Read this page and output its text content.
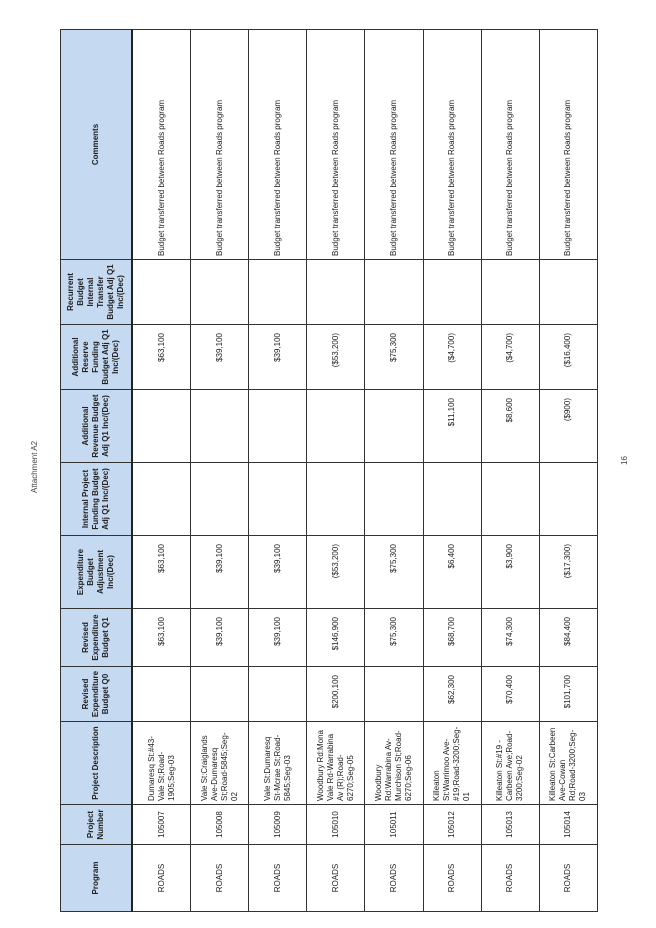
Attachment A2	16
Program	Project Number	Project Description	Revised Expenditure Budget Q0	Revised Expenditure Budget Q1	Expenditure Budget Adjustment Inc/(Dec)	Internal Project Funding Budget Adj Q1 Inc/(Dec)	Additional Revenue Budget Adj Q1 Inc/(Dec)	Additional Reserve Funding Budget Adj Q1 Inc/(Dec)	Recurrent Budget Internal Transfer Budget Adj Q1 Inc/(Dec)	Comments
ROADS	105007	Dumaresq St:#43-Vale St;Road-1905;Seg-03		$63,100	$63,100			$63,100		Budget transferred between Roads program
ROADS	105008	Vale St:Craiglands Ave-Dumaresq St;Road-5845;Seg-02		$39,100	$39,100			$39,100		Budget transferred between Roads program
ROADS	105009	Vale St:Dumaresq St-Mcrae St;Road-5845;Seg-03		$39,100	$39,100			$39,100		Budget transferred between Roads program
ROADS	105010	Woodbury Rd:Mona Vale Rd-Warrabina Av (R);Road-6270;Seg-05	$200,100	$146,900	($53,200)			($53,200)		Budget transferred between Roads program
ROADS	105011	Woodbury Rd:Warrabina Av-Murchison St;Road-6270;Seg-06		$75,300	$75,300			$75,300		Budget transferred between Roads program
ROADS	105012	Killeaton St:Warrimoo Ave-#19;Road-3200;Seg-01	$62,300	$68,700	$6,400		$11,100	($4,700)		Budget transferred between Roads program
ROADS	105013	Killeaton St:#19 - Carbeen Ave;Road-3200;Seg-02	$70,400	$74,300	$3,900		$8,600	($4,700)		Budget transferred between Roads program
ROADS	105014	Killeaton St:Carbeen Ave-Cowan Rd;Road-3200;Seg-03	$101,700	$84,400	($17,300)		($900)	($16,400)		Budget transferred between Roads program
